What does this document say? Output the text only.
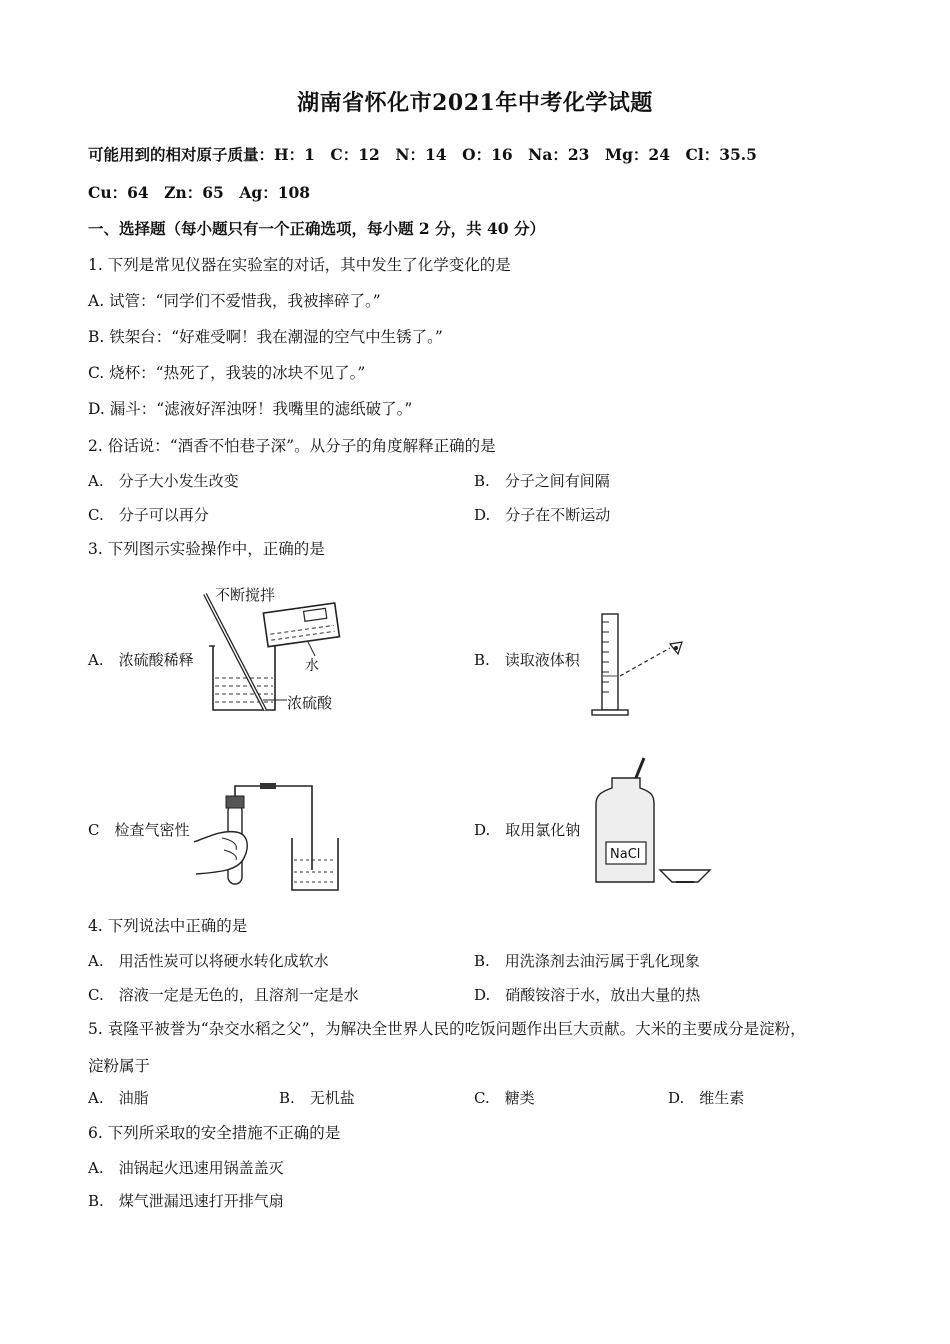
湖南省怀化市2021年中考化学试题
可能用到的相对原子质量：H：1　C：12　N：14　O：16　Na：23　Mg：24　Cl：35.5
Cu：64　Zn：65　Ag：108
一、选择题（每小题只有一个正确选项，每小题 2 分，共 40 分）
1. 下列是常见仪器在实验室的对话，其中发生了化学变化的是
A. 试管：“同学们不爱惜我，我被摔碎了。”
B. 铁架台：“好难受啊！我在潮湿的空气中生锈了。”
C. 烧杯：“热死了，我装的冰块不见了。”
D. 漏斗：“滤液好浑浊呀！我嘴里的滤纸破了。”
2. 俗话说：“酒香不怕巷子深”。从分子的角度解释正确的是
A.　分子大小发生改变	B.　分子之间有间隔
C.　分子可以再分	D.　分子在不断运动
3. 下列图示实验操作中，正确的是
A.　浓硫酸稀释	B.　读取液体积
C　检查气密性	D.　取用氯化钠
不断搅拌
水
浓硫酸
NaCl
4. 下列说法中正确的是
A.　用活性炭可以将硬水转化成软水	B.　用洗涤剂去油污属于乳化现象
C.　溶液一定是无色的，且溶剂一定是水	D.　硝酸铵溶于水，放出大量的热
5. 袁隆平被誉为“杂交水稻之父”，为解决全世界人民的吃饭问题作出巨大贡献。大米的主要成分是淀粉，
淀粉属于
A.　油脂	B.　无机盐	C.　糖类	D.　维生素
6. 下列所采取的安全措施不正确的是
A.　油锅起火迅速用锅盖盖灭
B.　煤气泄漏迅速打开排气扇
